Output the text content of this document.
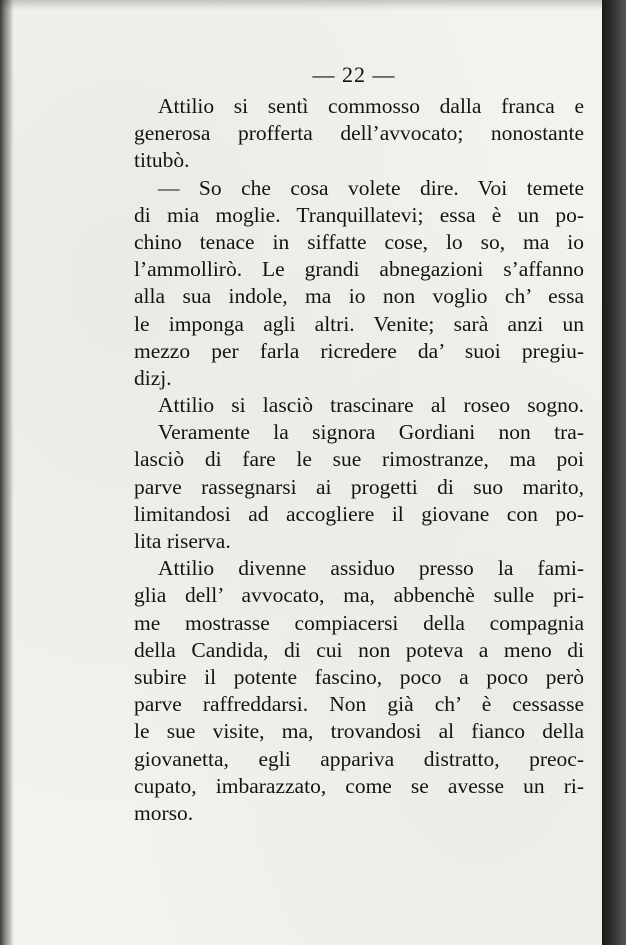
— 22 —
Attilio si sentì commosso dalla franca e
generosa profferta dell’avvocato; nonostante
titubò.
— So che cosa volete dire. Voi temete
di mia moglie. Tranquillatevi; essa è un po-
chino tenace in siffatte cose, lo so, ma io
l’ammollirò. Le grandi abnegazioni s’affanno
alla sua indole, ma io non voglio ch’ essa
le imponga agli altri. Venite; sarà anzi un
mezzo per farla ricredere da’ suoi pregiu-
dizj.
Attilio si lasciò trascinare al roseo sogno.
Veramente la signora Gordiani non tra-
lasciò di fare le sue rimostranze, ma poi
parve rassegnarsi ai progetti di suo marito,
limitandosi ad accogliere il giovane con po-
lita riserva.
Attilio divenne assiduo presso la fami-
glia dell’ avvocato, ma, abbenchè sulle pri-
me mostrasse compiacersi della compagnia
della Candida, di cui non poteva a meno di
subire il potente fascino, poco a poco però
parve raffreddarsi. Non già ch’ è cessasse
le sue visite, ma, trovandosi al fianco della
giovanetta, egli appariva distratto, preoc-
cupato, imbarazzato, come se avesse un ri-
morso.
